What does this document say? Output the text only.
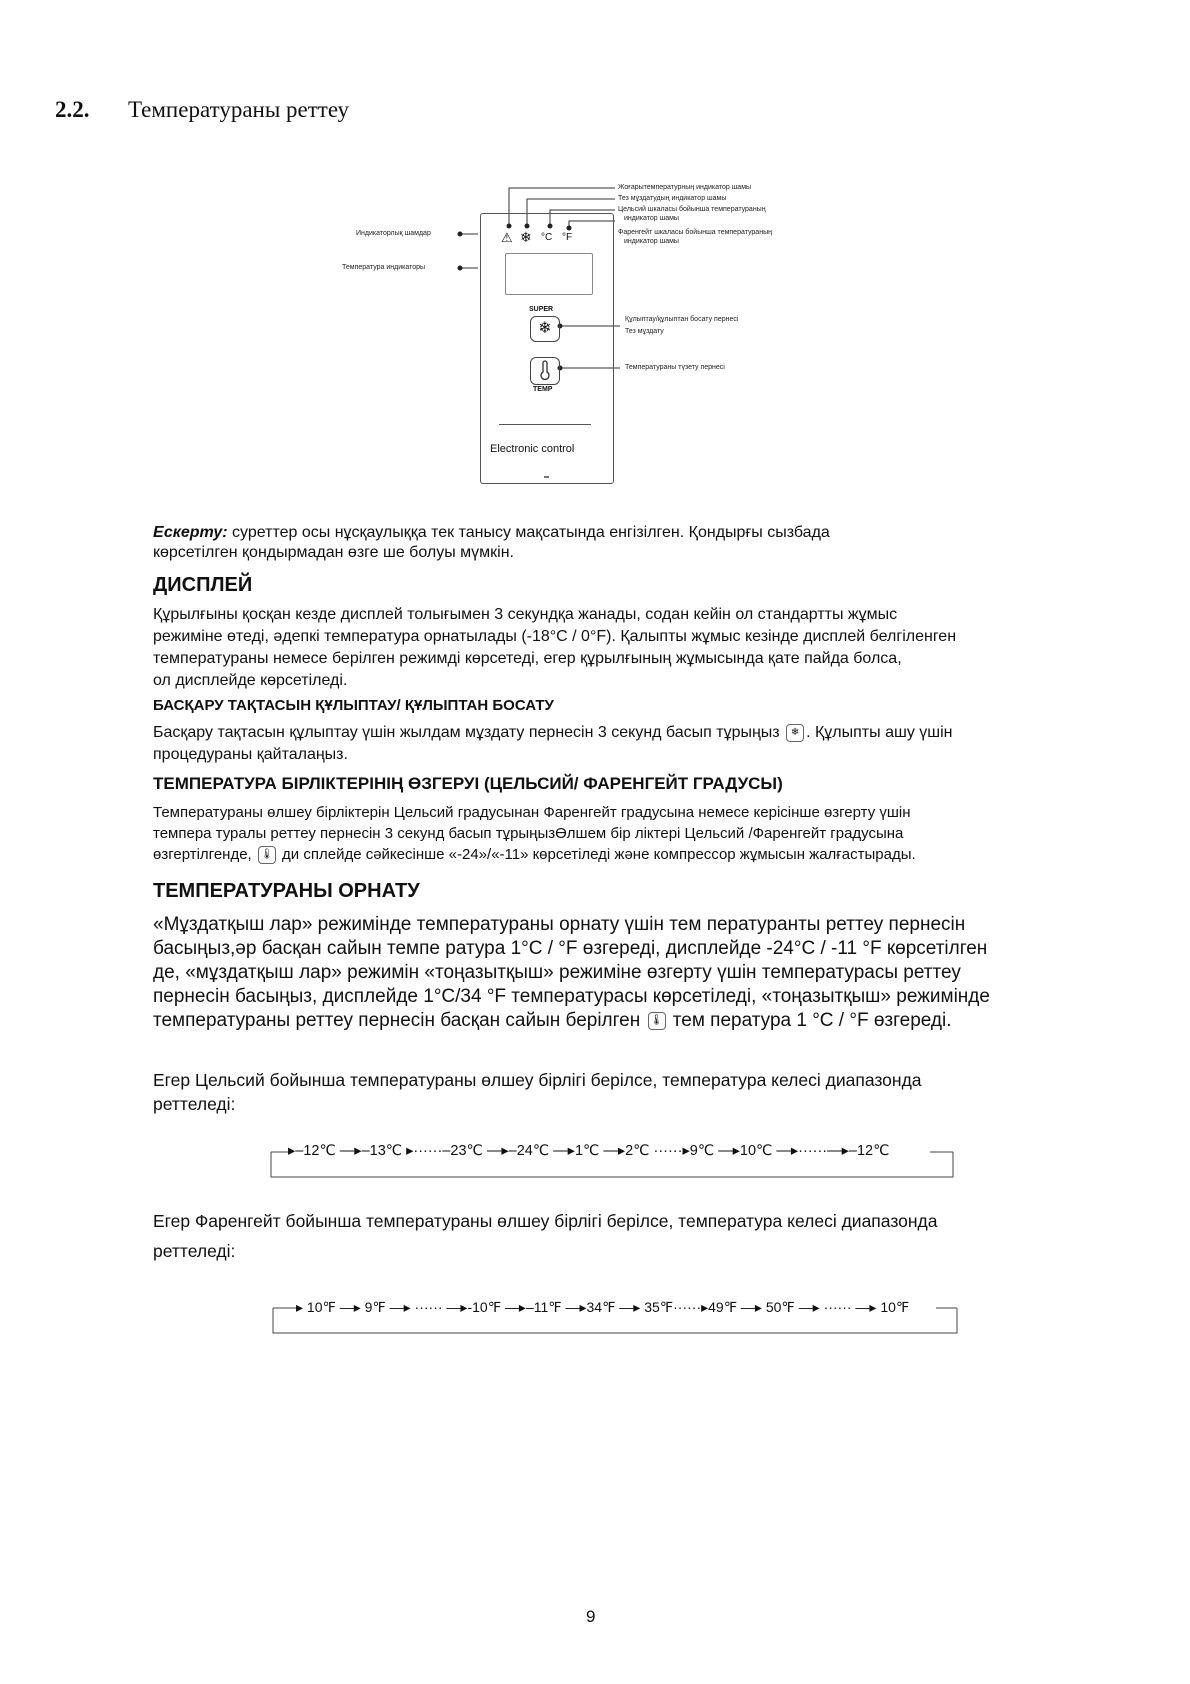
2.2. Температураны реттеу
⚠ ❄ °C °F
SUPER
❄
TEMP
Electronic control
Жоғарытемпературның индикатор шамы
Тез мұздатудың индикатор шамы
Цельсий шкаласы бойынша температураның
индикатор шамы
Фаренгейт шкаласы бойынша температураның
индикатор шамы
Индикаторлық шамдар
Температура индикаторы
Құлыптау/құлыптан босату пернесі
Тез мұздату
Температураны түзету пернесі
Ескерту: суреттер осы нұсқаулыққа тек танысу мақсатында енгізілген. Қондырғы сызбада
көрсетілген қондырмадан өзге ше болуы мүмкін.
ДИСПЛЕЙ
Құрылғыны қосқан кезде дисплей толығымен 3 секундқа жанады, содан кейін ол стандартты жұмыс
режиміне өтеді, әдепкі температура орнатылады (-18°C / 0°F). Қалыпты жұмыс кезінде дисплей белгіленген
температураны немесе берілген режимді көрсетеді, егер құрылғының жұмысында қате пайда болса,
ол дисплейде көрсетіледі.
БАСҚАРУ ТАҚТАСЫН ҚҰЛЫПТАУ/ ҚҰЛЫПТАН БОСАТУ
Басқару тақтасын құлыптау үшін жылдам мұздату пернесін 3 секунд басып тұрыңыз ❄ . Құлыпты ашу үшін
процедураны қайталаңыз.
ТЕМПЕРАТУРА БІРЛІКТЕРІНІҢ ӨЗГЕРУІ (ЦЕЛЬСИЙ/ ФАРЕНГЕЙТ ГРАДУСЫ)
Температураны өлшеу бірліктерін Цельсий градусынан Фаренгейт градусына немесе керісінше өзгерту үшін
темпера туралы реттеу пернесін 3 секунд басып тұрыңызӨлшем бір ліктері Цельсий /Фаренгейт градусына
өзгертілгенде, 🌡 ди сплейде сәйкесінше «-24»/«-11» көрсетіледі және компрессор жұмысын жалғастырады.
ТЕМПЕРАТУРАНЫ ОРНАТУ
«Мұздатқыш лар» режимінде температураны орнату үшін тем пературанты реттеу пернесін
басыңыз,әр басқан сайын темпе ратура 1°C / °F өзгереді, дисплейде -24°C / -11 °F көрсетілген
де, «мұздатқыш лар» режимін «тоңазытқыш» режиміне өзгерту үшін температурасы реттеу
пернесін басыңыз, дисплейде 1°C/34 °F температурасы көрсетіледі, «тоңазытқыш» режимінде
температураны реттеу пернесін басқан сайын берілген 🌡 тем пература 1 °C / °F өзгереді.
Егер Цельсий бойынша температураны өлшеу бірлігі берілсе, температура келесі диапазонда
реттеледі:
▸–12℃ —▸–13℃ ▸······–23℃ —▸–24℃ —▸1℃ —▸2℃ ······▸9℃ —▸10℃ —▸······—▸–12℃
Егер Фаренгейт бойынша температураны өлшеу бірлігі берілсе, температура келесі диапазонда
реттеледі:
▸ 10℉ —▸ 9℉ —▸ ······ —▸-10℉ —▸–11℉ —▸34℉ —▸ 35℉······▸49℉ —▸ 50℉ —▸ ······ —▸ 10℉
9
